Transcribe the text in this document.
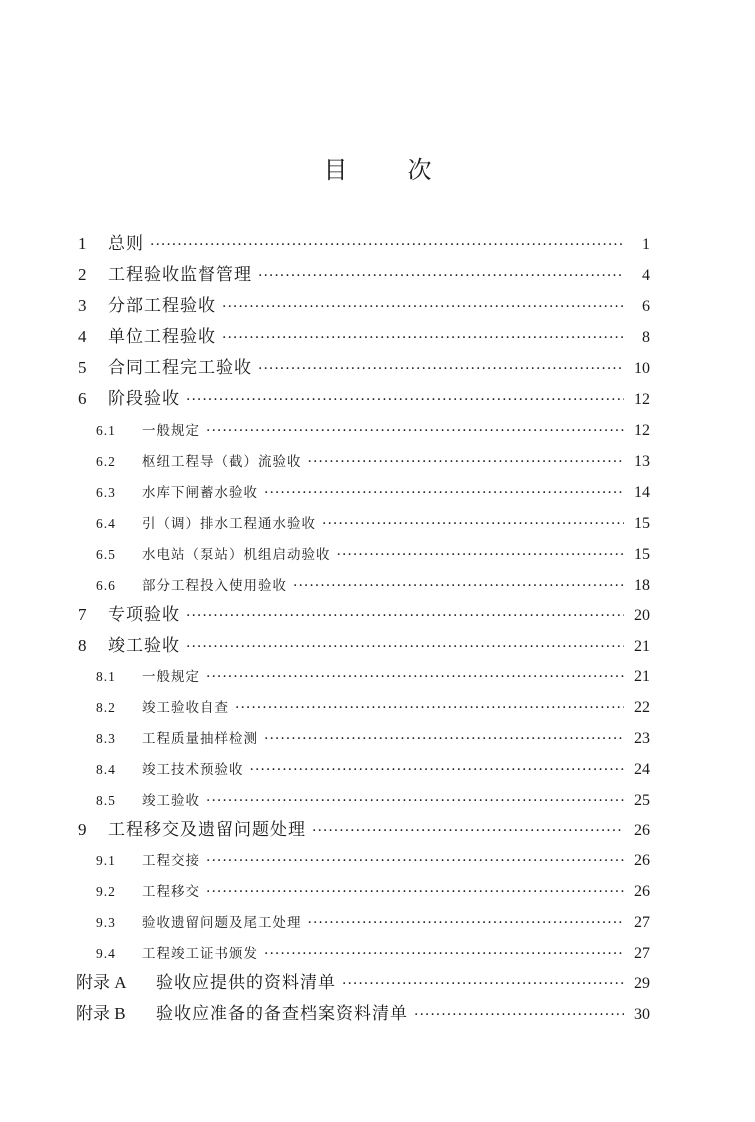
目	次
1	总则 ·····	1
2	工程验收监督管理 ·····	4
3	分部工程验收 ·····	6
4	单位工程验收 ·····	8
5	合同工程完工验收 ·····	10
6	阶段验收 ·····	12
6.1	一般规定 ·····	12
6.2	枢纽工程导（截）流验收 ·····	13
6.3	水库下闸蓄水验收 ·····	14
6.4	引（调）排水工程通水验收 ·····	15
6.5	水电站（泵站）机组启动验收 ·····	15
6.6	部分工程投入使用验收 ·····	18
7	专项验收 ·····	20
8	竣工验收 ·····	21
8.1	一般规定 ·····	21
8.2	竣工验收自查 ·····	22
8.3	工程质量抽样检测 ·····	23
8.4	竣工技术预验收 ·····	24
8.5	竣工验收 ·····	25
9	工程移交及遗留问题处理 ·····	26
9.1	工程交接 ·····	26
9.2	工程移交 ·····	26
9.3	验收遗留问题及尾工处理 ·····	27
9.4	工程竣工证书颁发 ·····	27
附录 A	验收应提供的资料清单 ·····	29
附录 B	验收应准备的备查档案资料清单 ·····	30
